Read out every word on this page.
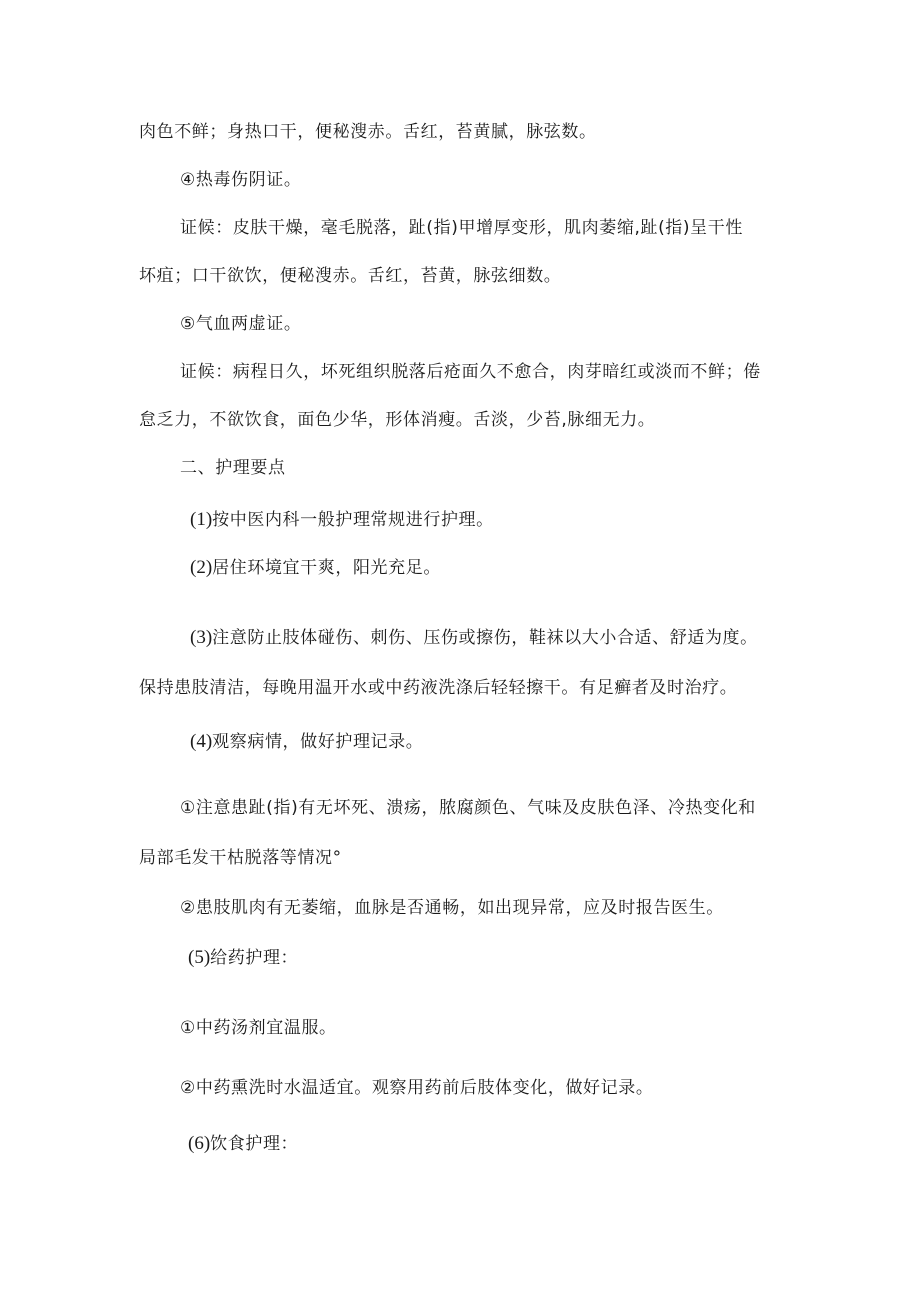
肉色不鲜；身热口干，便秘溲赤。舌红，苔黄腻，脉弦数。
④热毒伤阴证。
证候：皮肤干燥，毫毛脱落，趾(指)甲增厚变形，肌肉萎缩,趾(指)呈干性
坏疽；口干欲饮，便秘溲赤。舌红，苔黄，脉弦细数。
⑤气血两虚证。
证候：病程日久，坏死组织脱落后疮面久不愈合，肉芽暗红或淡而不鲜；倦
怠乏力，不欲饮食，面色少华，形体消瘦。舌淡，少苔,脉细无力。
二、护理要点
(1)按中医内科一般护理常规进行护理。
(2)居住环境宜干爽，阳光充足。
(3)注意防止肢体碰伤、刺伤、压伤或擦伤，鞋袜以大小合适、舒适为度。
保持患肢清洁，每晚用温开水或中药液洗涤后轻轻擦干。有足癣者及时治疗。
(4)观察病情，做好护理记录。
①注意患趾(指)有无坏死、溃疡，脓腐颜色、气味及皮肤色泽、冷热变化和
局部毛发干枯脱落等情况°
②患肢肌肉有无萎缩，血脉是否通畅，如出现异常，应及时报告医生。
(5)给药护理：
①中药汤剂宜温服。
②中药熏洗时水温适宜。观察用药前后肢体变化，做好记录。
(6)饮食护理：
